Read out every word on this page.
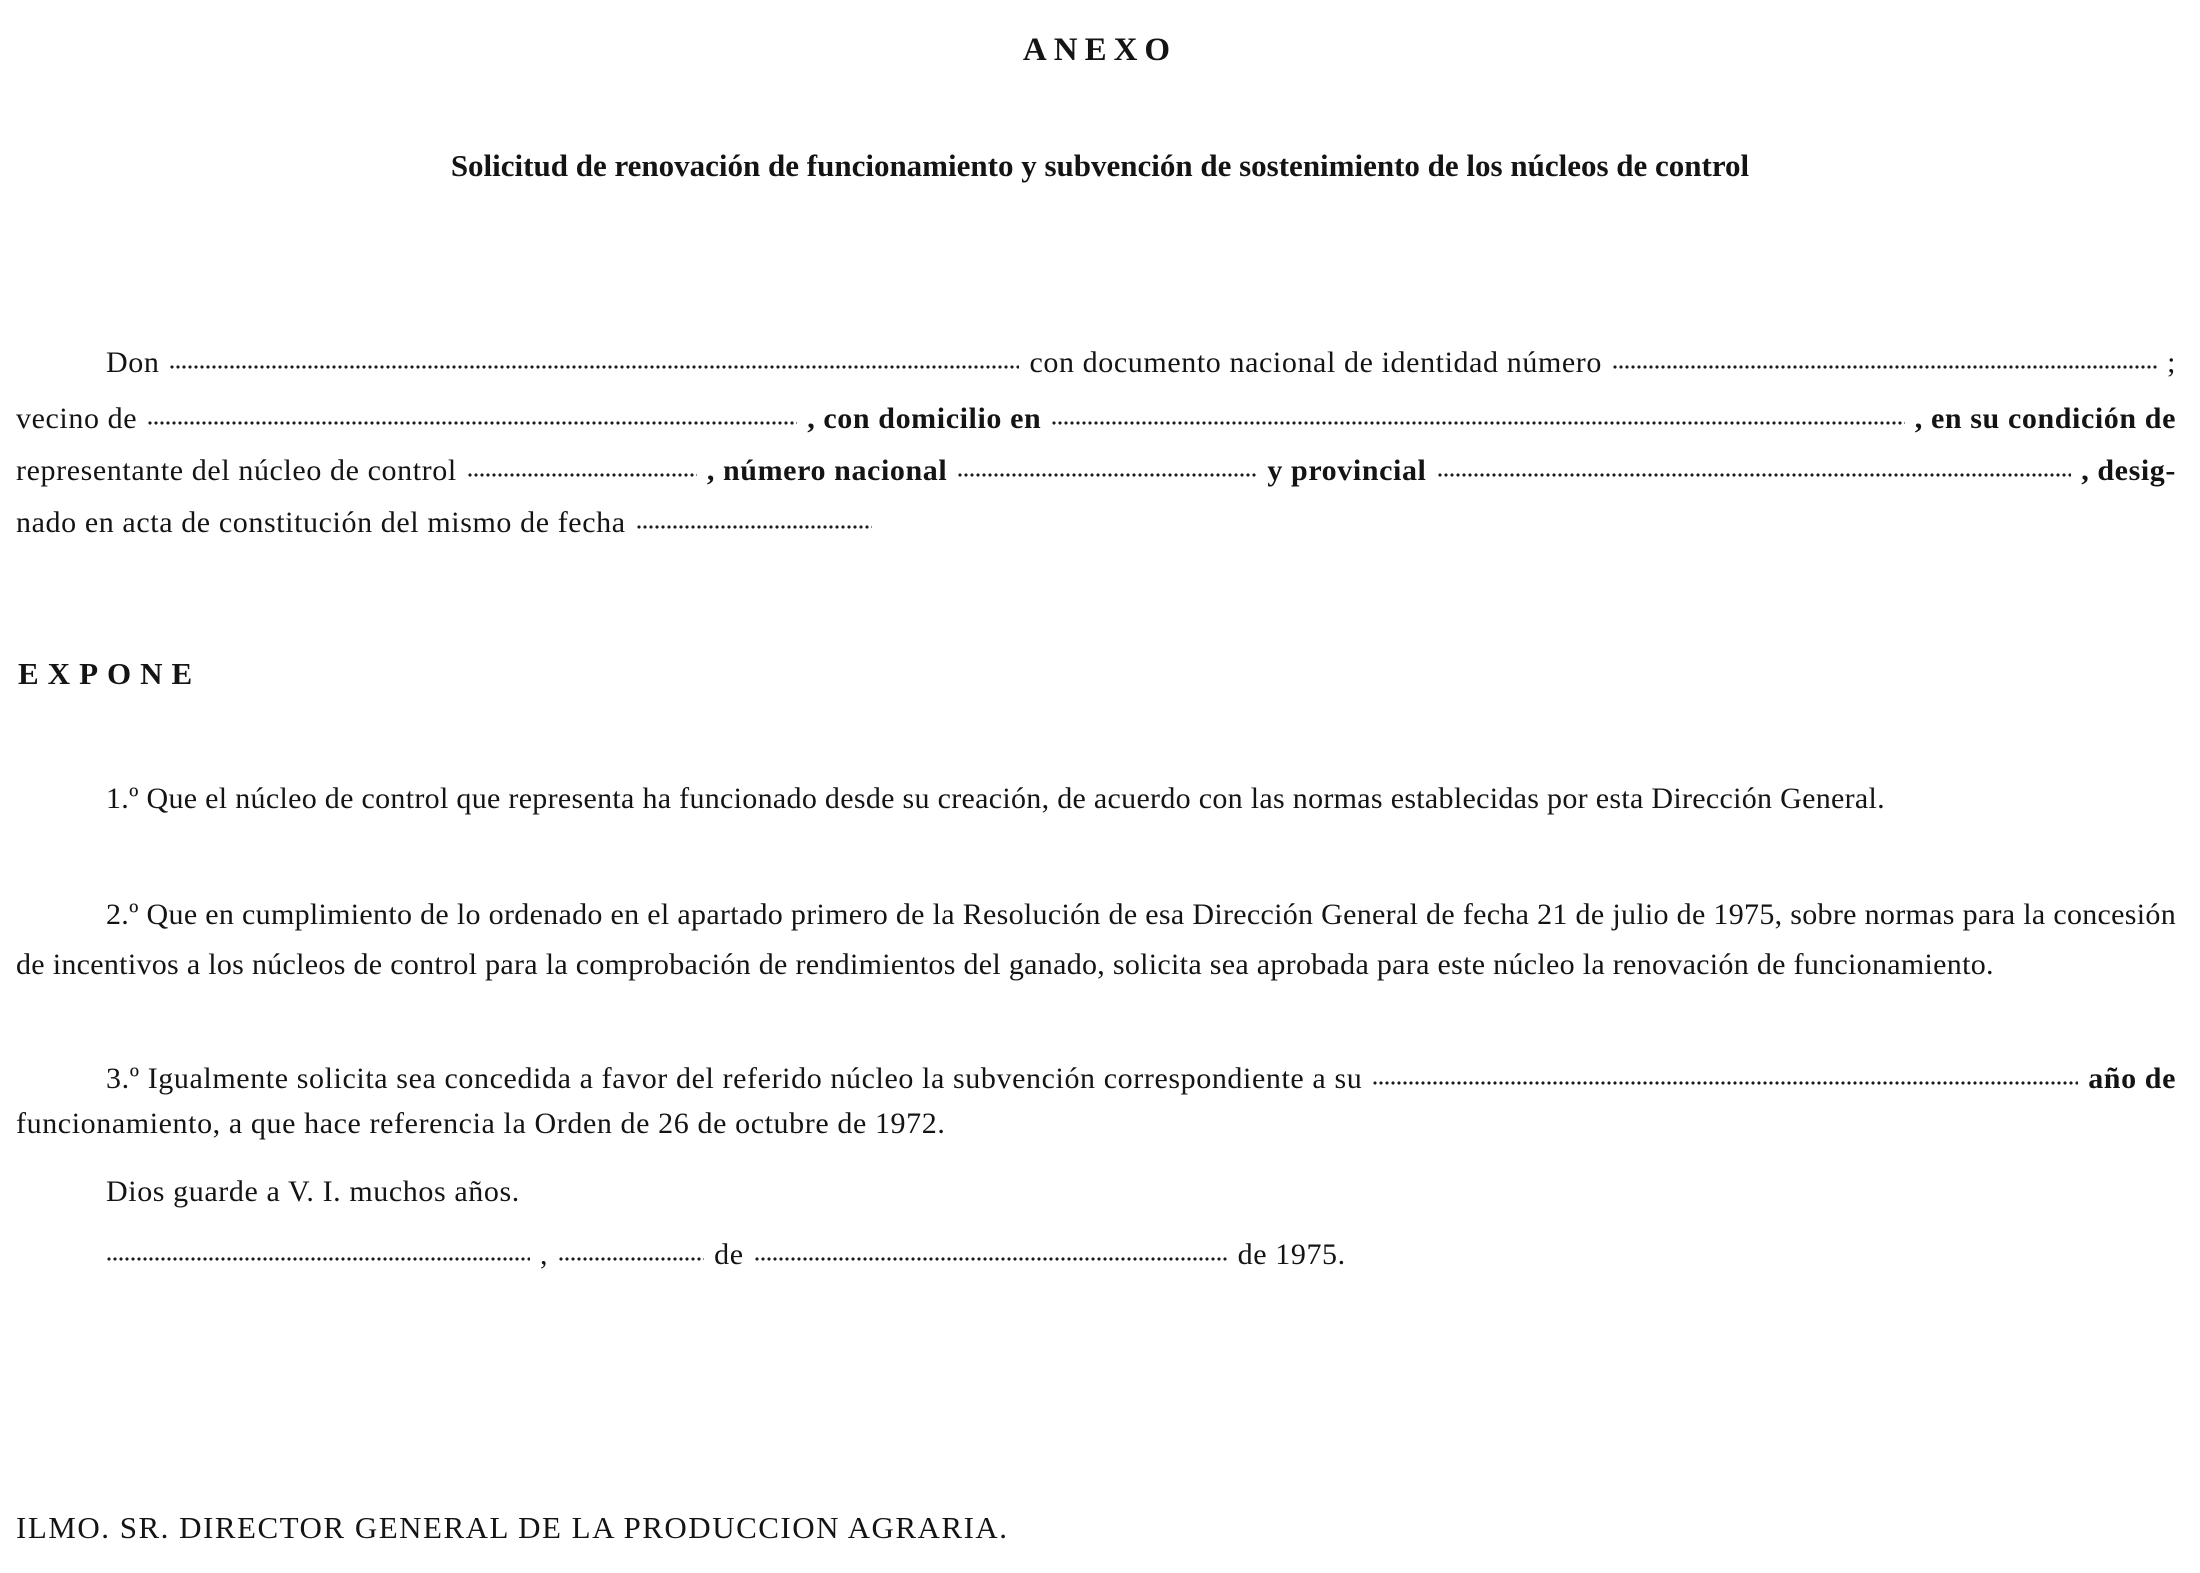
ANEXO
Solicitud de renovación de funcionamiento y subvención de sostenimiento de los núcleos de control
Don	con documento nacional de identidad número	;
vecino de	, con domicilio en	, en su condición de
representante del núcleo de control	, número nacional	y provincial	, desig-
nado en acta de constitución del mismo de fecha
EXPONE

1.º Que el núcleo de control que representa ha funcionado desde su creación, de acuerdo con las normas establecidas por esta Dirección General.

2.º Que en cumplimiento de lo ordenado en el apartado primero de la Resolución de esa Dirección General de fecha 21 de julio de 1975, sobre normas para la concesión de incentivos a los núcleos de control para la comprobación de rendimientos del ganado, solicita sea aprobada para este núcleo la renovación de funcionamiento.

3.º Igualmente solicita sea concedida a favor del referido núcleo la subvención correspondiente a su	año de

funcionamiento, a que hace referencia la Orden de 26 de octubre de 1972.

Dios guarde a V. I. muchos años.

,	de	de 1975.

ILMO. SR. DIRECTOR GENERAL DE LA PRODUCCION AGRARIA.
